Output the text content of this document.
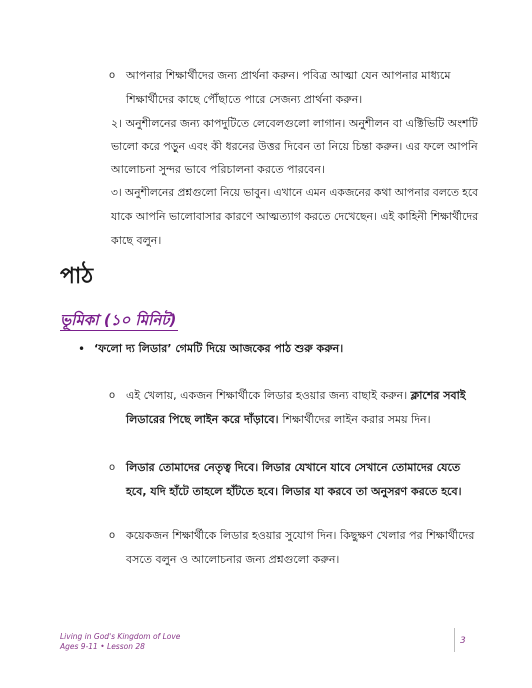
o আপনার শিক্ষার্থীদের জন্য প্রার্থনা করুন। পবিত্র আত্মা যেন আপনার মাধ্যমে
শিক্ষার্থীদের কাছে পৌঁছাতে পারে সেজন্য প্রার্থনা করুন।
২। অনুশীলনের জন্য কাপদুটিতে লেবেলগুলো লাগান। অনুশীলন বা এক্টিভিটি অংশটি
ভালো করে পড়ুন এবং কী ধরনের উত্তর দিবেন তা নিয়ে চিন্তা করুন। এর ফলে আপনি
আলোচনা সুন্দর ভাবে পরিচালনা করতে পারবেন।
৩। অনুশীলনের প্রশ্নগুলো নিয়ে ভাবুন। এখানে এমন একজনের কথা আপনার বলতে হবে
যাকে আপনি ভালোবাসার কারণে আত্মত্যাগ করতে দেখেছেন। এই কাহিনী শিক্ষার্থীদের
কাছে বলুন।
পাঠ
ভূমিকা (১০ মিনিট)
• ‘ফলো দ্য লিডার’ গেমটি দিয়ে আজকের পাঠ শুরু করুন।
o এই খেলায়, একজন শিক্ষার্থীকে লিডার হওয়ার জন্য বাছাই করুন। ক্লাশের সবাই
লিডারের পিছে লাইন করে দাঁড়াবে। শিক্ষার্থীদের লাইন করার সময় দিন।
o লিডার তোমাদের নেতৃত্ব দিবে। লিডার যেখানে যাবে সেখানে তোমাদের যেতে
হবে, যদি হাঁটে তাহলে হাঁটতে হবে। লিডার যা করবে তা অনুসরণ করতে হবে।
o কয়েকজন শিক্ষার্থীকে লিডার হওয়ার সুযোগ দিন। কিছুক্ষণ খেলার পর শিক্ষার্থীদের
বসতে বলুন ও আলোচনার জন্য প্রশ্নগুলো করুন।
Living in God's Kingdom of Love
Ages 9-11 • Lesson 28
3
